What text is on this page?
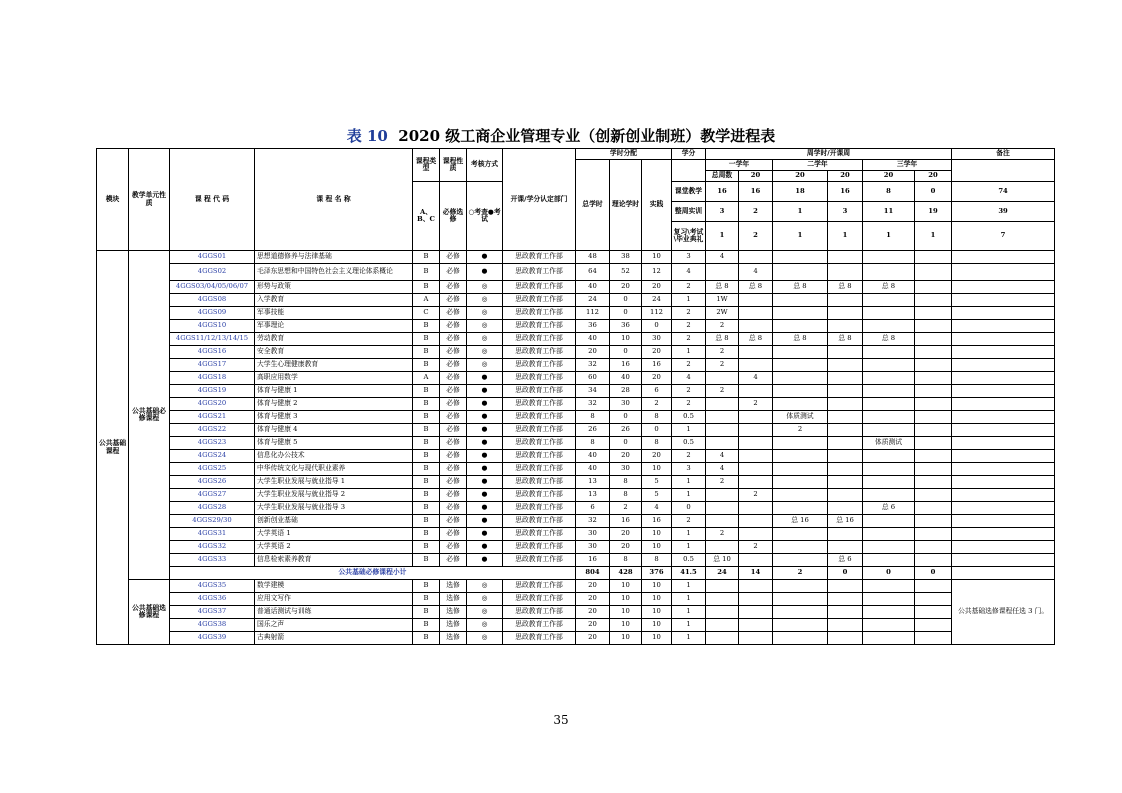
表 10 2020 级工商企业管理专业（创新创业制班）教学进程表
模块	教学单元性质	课 程 代 码	课 程 名 称	课程类型	课程性质	考核方式	开课/学分认定部门	学时分配			学分	周学时/开课周						备注	
								总学时	理论学时	实践		一学年		二学年		三学年			
												总周数	20	20	20	20	20	
				A、B、C	必修选修	○考查●考试					课堂教学	16	16	18	16	8	0	74	
											整周实训	3	2	1	3	11	19	39	
											复习\考试\毕业典礼	1	2	1	1	1	1	7	

公共基础课程	公共基础必修课程	4GGS01	思想道德修养与法律基础	B	必修	●	思政教育工作部	48	38	10	3	4							
		4GGS02	毛泽东思想和中国特色社会主义理论体系概论	B	必修	●	思政教育工作部	64	52	12	4		4						
		4GGS03/04/05/06/07	形势与政策	B	必修	◎	思政教育工作部	40	20	20	2	总 8	总 8	总 8	总 8	总 8			
		4GGS08	入学教育	A	必修	◎	思政教育工作部	24	0	24	1	1W							
		4GGS09	军事技能	C	必修	◎	思政教育工作部	112	0	112	2	2W							
		4GGS10	军事理论	B	必修	◎	思政教育工作部	36	36	0	2	2							
		4GGS11/12/13/14/15	劳动教育	B	必修	◎	思政教育工作部	40	10	30	2	总 8	总 8	总 8	总 8	总 8			
		4GGS16	安全教育	B	必修	◎	思政教育工作部	20	0	20	1	2							
		4GGS17	大学生心理健康教育	B	必修	◎	思政教育工作部	32	16	16	2	2							
		4GGS18	高职应用数学	A	必修	●	思政教育工作部	60	40	20	4		4						
		4GGS19	体育与健康 1	B	必修	●	思政教育工作部	34	28	6	2	2							
		4GGS20	体育与健康 2	B	必修	●	思政教育工作部	32	30	2	2		2						
		4GGS21	体育与健康 3	B	必修	●	思政教育工作部	8	0	8	0.5			体质测试					
		4GGS22	体育与健康 4	B	必修	●	思政教育工作部	26	26	0	1			2					
		4GGS23	体育与健康 5	B	必修	●	思政教育工作部	8	0	8	0.5					体质测试			
		4GGS24	信息化办公技术	B	必修	●	思政教育工作部	40	20	20	2	4							
		4GGS25	中华传统文化与现代职业素养	B	必修	●	思政教育工作部	40	30	10	3	4							
		4GGS26	大学生职业发展与就业指导 1	B	必修	●	思政教育工作部	13	8	5	1	2							
		4GGS27	大学生职业发展与就业指导 2	B	必修	●	思政教育工作部	13	8	5	1		2						
		4GGS28	大学生职业发展与就业指导 3	B	必修	●	思政教育工作部	6	2	4	0					总 6			
		4GGS29/30	创新创业基础	B	必修	●	思政教育工作部	32	16	16	2			总 16	总 16				
		4GGS31	大学英语 1	B	必修	●	思政教育工作部	30	20	10	1	2							
		4GGS32	大学英语 2	B	必修	●	思政教育工作部	30	20	10	1		2						
		4GGS33	信息检索素养教育	B	必修	●	思政教育工作部	16	8	8	0.5	总 10			总 6				
		公共基础必修课程小计						804	428	376	41.5	24	14	2	0	0	0		
	公共基础选修课程	4GGS35	数学建模	B	选修	◎	思政教育工作部	20	10	10	1							公共基础选修课程任选 3 门。	
		4GGS36	应用文写作	B	选修	◎	思政教育工作部	20	10	10	1								
		4GGS37	普通话测试与训练	B	选修	◎	思政教育工作部	20	10	10	1								
		4GGS38	国乐之声	B	选修	◎	思政教育工作部	20	10	10	1								
		4GGS39	古典射箭	B	选修	◎	思政教育工作部	20	10	10	1								
35
